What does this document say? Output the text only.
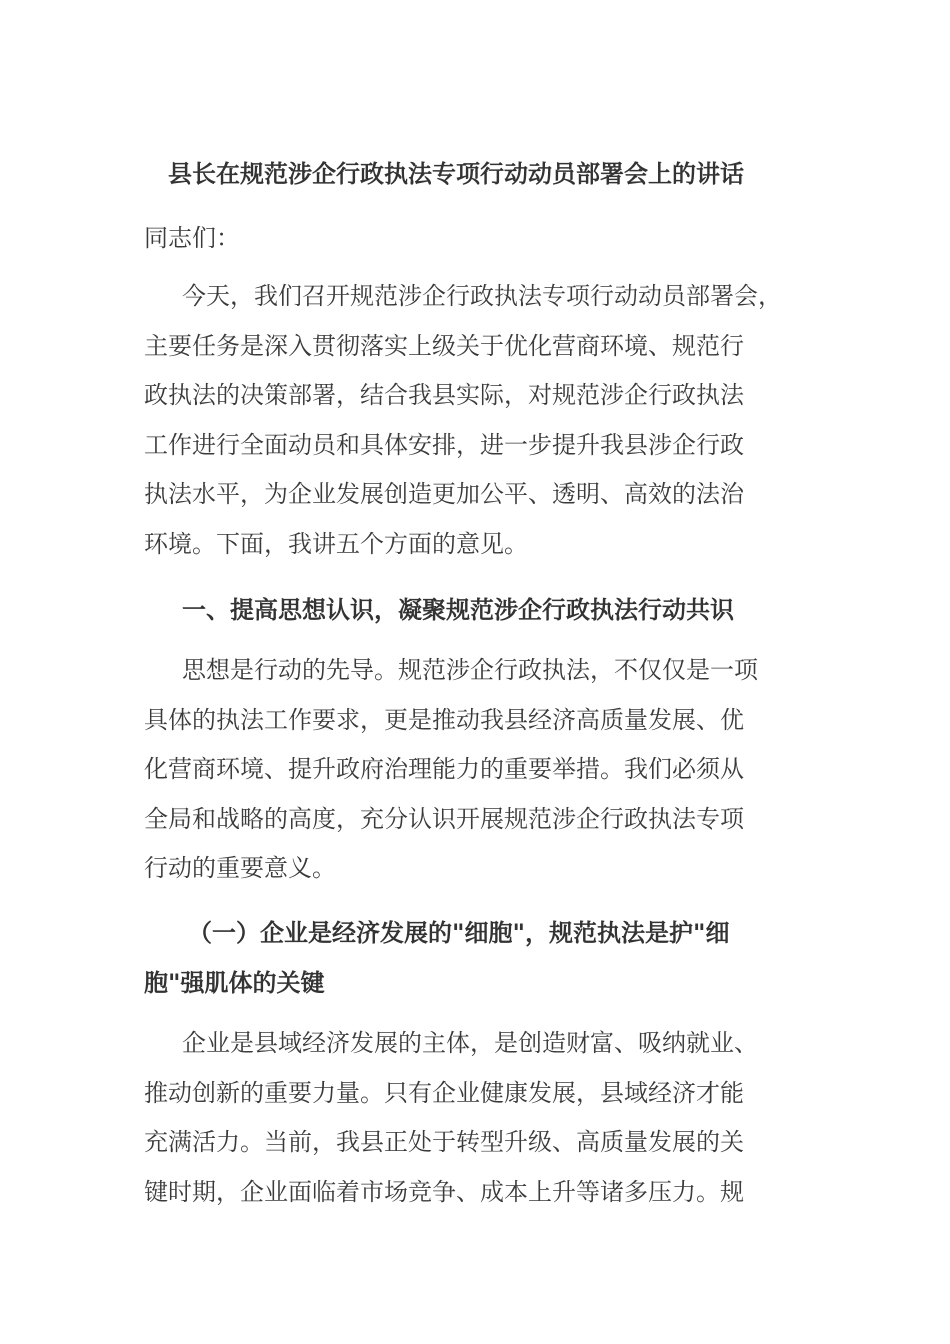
县长在规范涉企行政执法专项行动动员部署会上的讲话
同志们：
今天，我们召开规范涉企行政执法专项行动动员部署会，
主要任务是深入贯彻落实上级关于优化营商环境、规范行
政执法的决策部署，结合我县实际，对规范涉企行政执法
工作进行全面动员和具体安排，进一步提升我县涉企行政
执法水平，为企业发展创造更加公平、透明、高效的法治
环境。下面，我讲五个方面的意见。
一、提高思想认识，凝聚规范涉企行政执法行动共识
思想是行动的先导。规范涉企行政执法，不仅仅是一项
具体的执法工作要求，更是推动我县经济高质量发展、优
化营商环境、提升政府治理能力的重要举措。我们必须从
全局和战略的高度，充分认识开展规范涉企行政执法专项
行动的重要意义。
（一）企业是经济发展的"细胞"，规范执法是护"细
胞"强肌体的关键
企业是县域经济发展的主体，是创造财富、吸纳就业、
推动创新的重要力量。只有企业健康发展，县域经济才能
充满活力。当前，我县正处于转型升级、高质量发展的关
键时期，企业面临着市场竞争、成本上升等诸多压力。规
